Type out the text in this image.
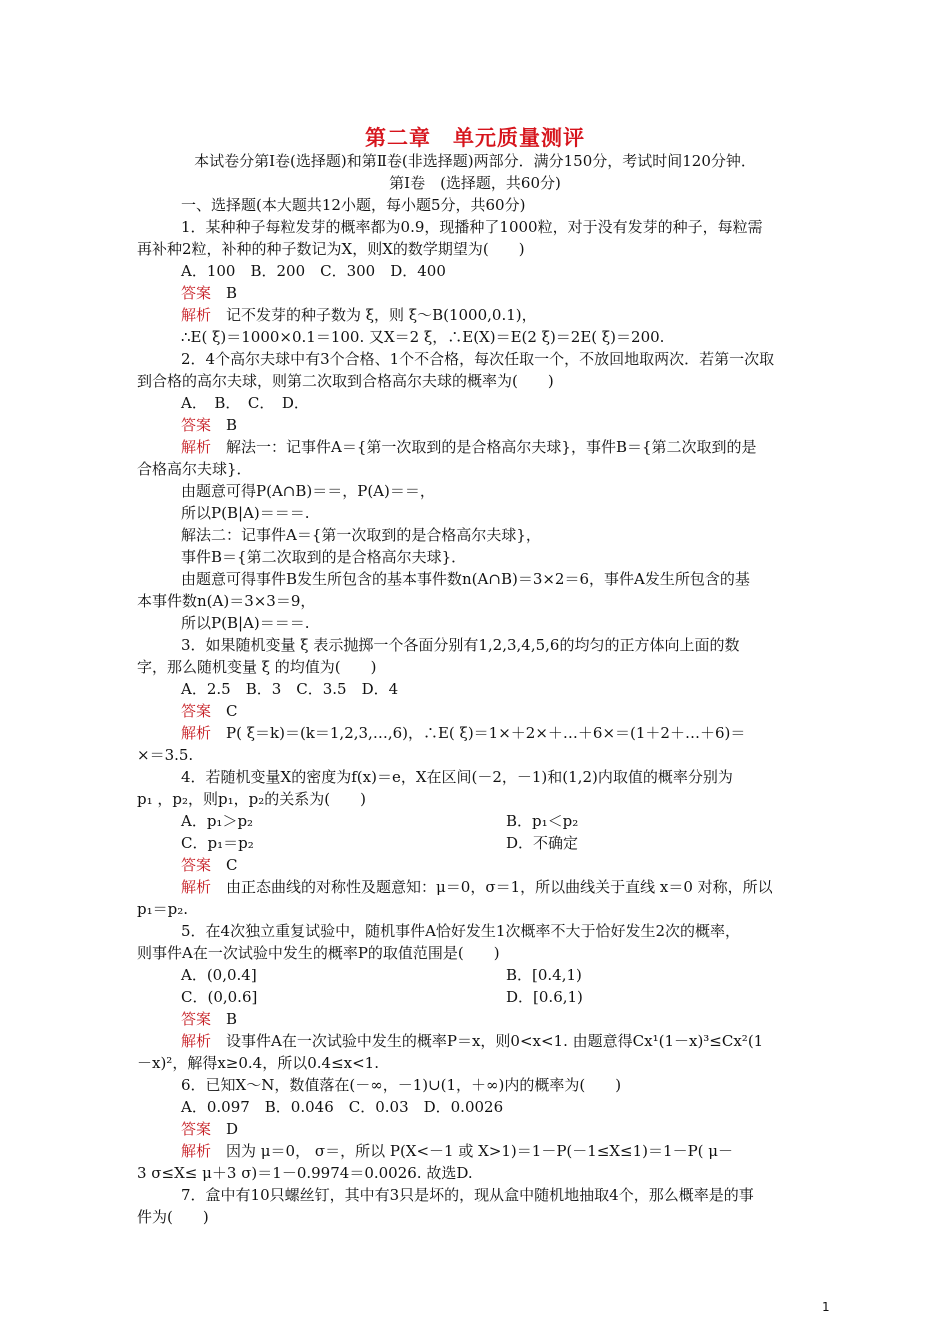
第二章　单元质量测评
本试卷分第Ⅰ卷(选择题)和第Ⅱ卷(非选择题)两部分．满分150分，考试时间120分钟．
第Ⅰ卷　(选择题，共60分)
一、选择题(本大题共12小题，每小题5分，共60分)
1．某种种子每粒发芽的概率都为0.9，现播种了1000粒，对于没有发芽的种子，每粒需
再补种2粒，补种的种子数记为X，则X的数学期望为(　　)
A．100　B．200　C．300　D．400
答案　 B
解析　 记不发芽的种子数为 ξ，则 ξ～B(1000,0.1)，
∴E( ξ)＝1000×0.1＝100. 又X＝2 ξ，∴E(X)＝E(2 ξ)＝2E( ξ)＝200.
2．4个高尔夫球中有3个合格、1个不合格，每次任取一个，不放回地取两次．若第一次取
到合格的高尔夫球，则第二次取到合格高尔夫球的概率为(　　)
A．　B．　C．　D．
答案　 B
解析　 解法一：记事件A＝{第一次取到的是合格高尔夫球}，事件B＝{第二次取到的是
合格高尔夫球}．
由题意可得P(A∩B)＝＝，P(A)＝＝，
所以P(B|A)＝＝＝.
解法二：记事件A＝{第一次取到的是合格高尔夫球}，
事件B＝{第二次取到的是合格高尔夫球}．
由题意可得事件B发生所包含的基本事件数n(A∩B)＝3×2＝6，事件A发生所包含的基
本事件数n(A)＝3×3＝9，
所以P(B|A)＝＝＝.
3．如果随机变量 ξ 表示抛掷一个各面分别有1,2,3,4,5,6的均匀的正方体向上面的数
字，那么随机变量 ξ 的均值为(　　)
A．2.5　B．3　C．3.5　D．4
答案　 C
解析　 P( ξ＝k)＝(k＝1,2,3,…,6)，∴E( ξ)＝1×＋2×＋…＋6×＝(1＋2＋…＋6)＝
×＝3.5.
4．若随机变量X的密度为f(x)＝e，X在区间(－2，－1)和(1,2)内取值的概率分别为
p₁ ，p₂，则p₁，p₂的关系为(　　)
A．p₁＞p₂	B．p₁＜p₂
C．p₁＝p₂	D．不确定
答案　 C
解析　 由正态曲线的对称性及题意知：μ＝0，σ＝1，所以曲线关于直线 x＝0 对称，所以
p₁＝p₂.
5．在4次独立重复试验中，随机事件A恰好发生1次概率不大于恰好发生2次的概率，
则事件A在一次试验中发生的概率P的取值范围是(　　)
A．(0,0.4]	B．[0.4,1)
C．(0,0.6]	D．[0.6,1)
答案　 B
解析　 设事件A在一次试验中发生的概率P＝x，则0<x<1. 由题意得Cx¹(1－x)³≤Cx²(1
－x)²，解得x≥0.4，所以0.4≤x<1.
6．已知X～N，数值落在(－∞，－1)∪(1，＋∞)内的概率为(　　)
A．0.097　B．0.046　C．0.03　D．0.0026
答案　 D
解析　 因为 μ＝0， σ＝，所以 P(X<－1 或 X>1)＝1－P(－1≤X≤1)＝1－P( μ－
3 σ≤X≤ μ＋3 σ)＝1－0.9974＝0.0026. 故选D.
7．盒中有10只螺丝钉，其中有3只是坏的，现从盒中随机地抽取4个，那么概率是的事
件为(　　)
1
